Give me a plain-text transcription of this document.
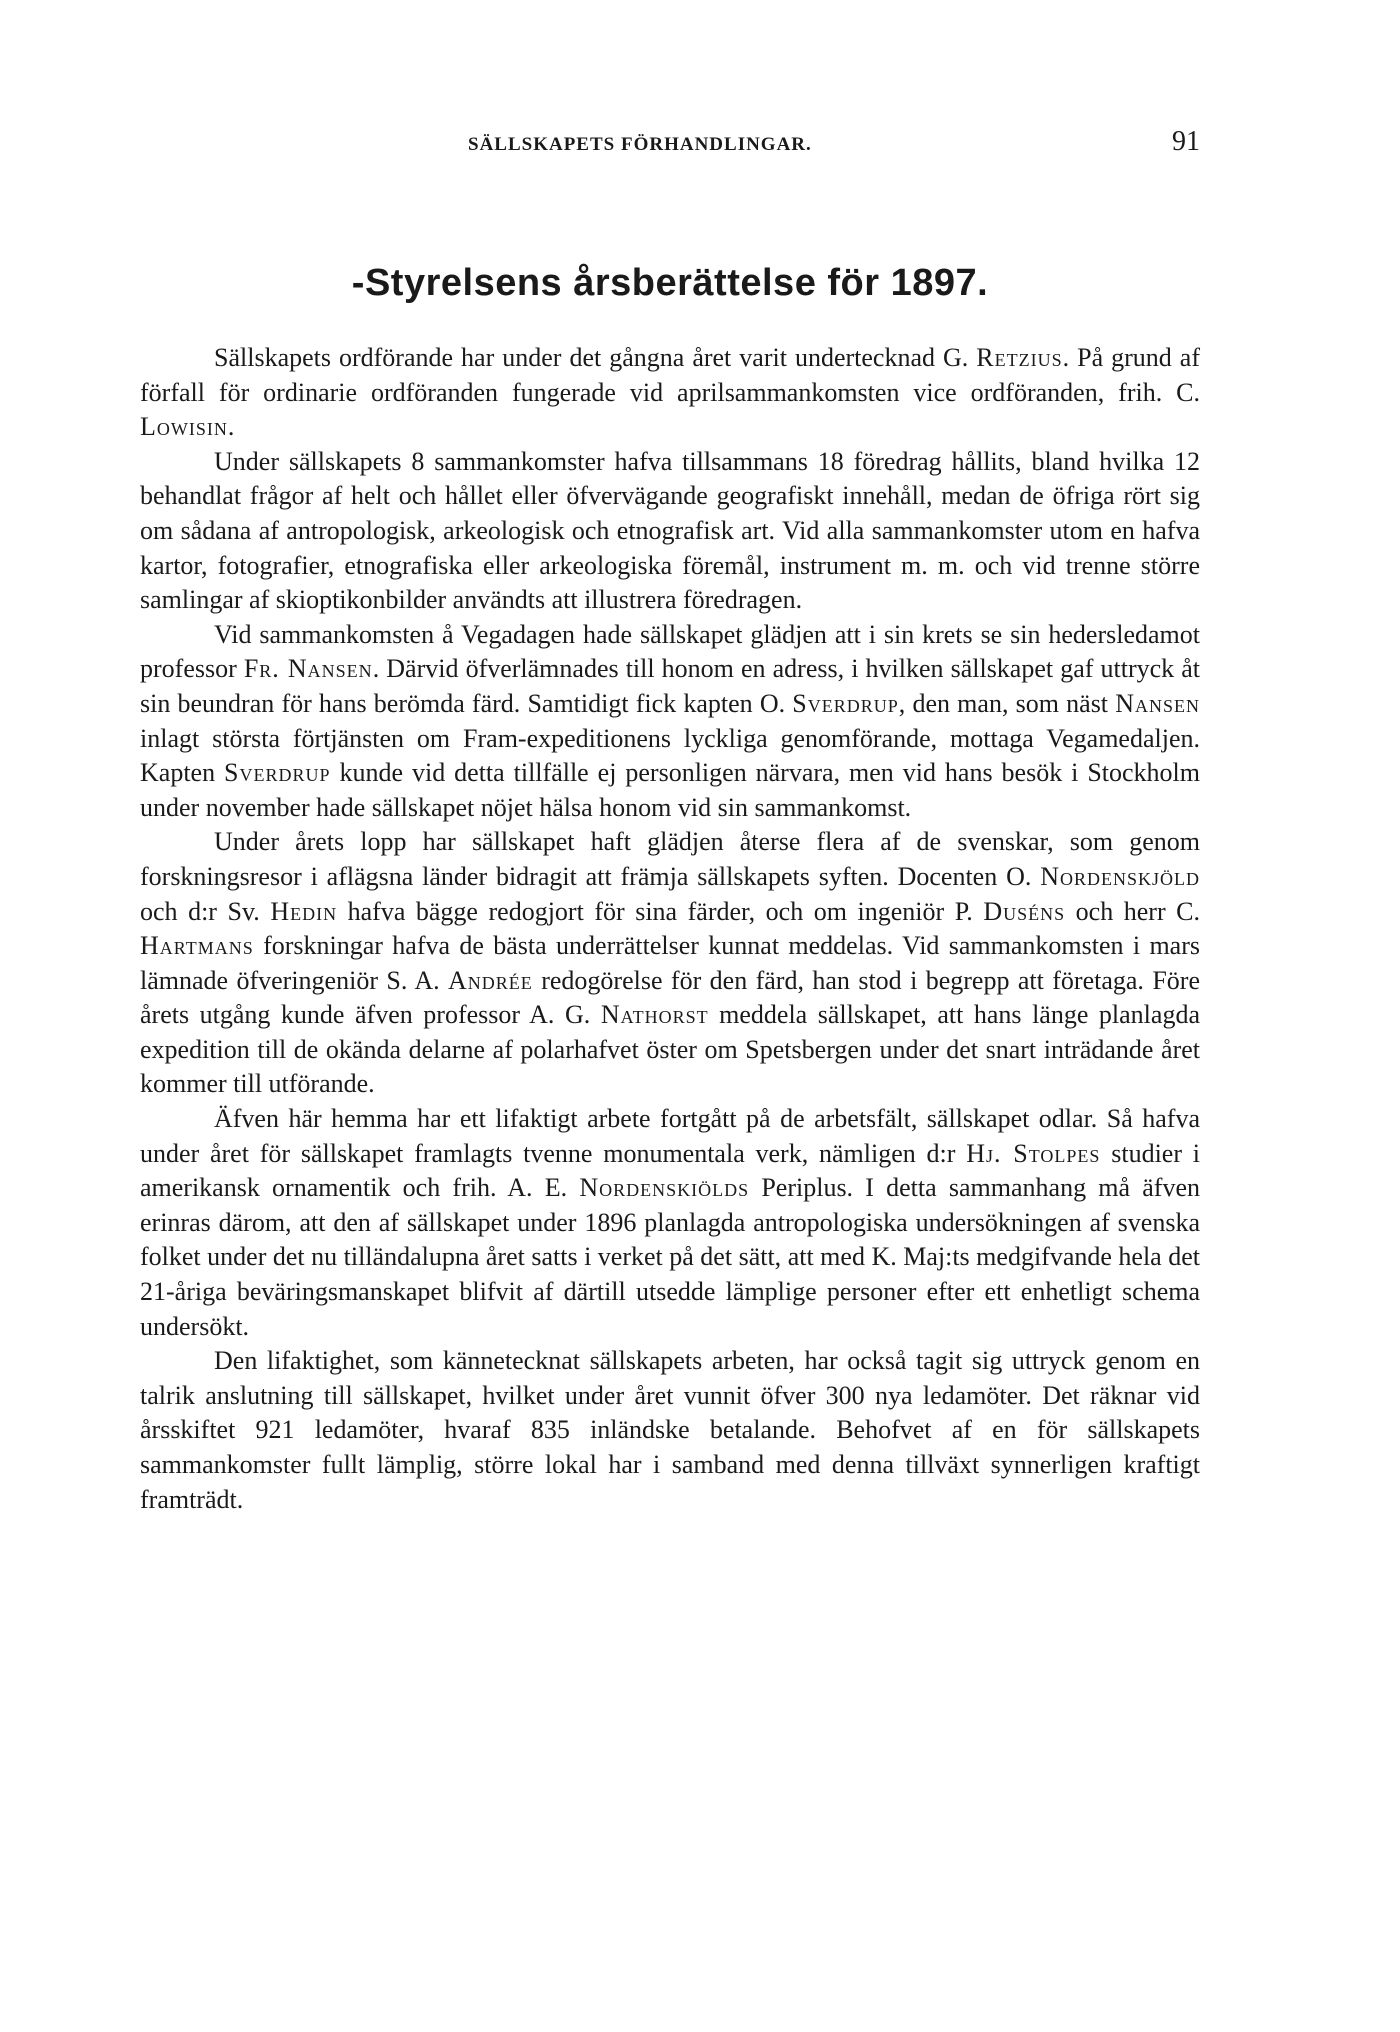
SÄLLSKAPETS FÖRHANDLINGAR.	91
-Styrelsens årsberättelse för 1897.

Sällskapets ordförande har under det gångna året varit undertecknad G. Retzius. På grund af förfall för ordinarie ordföranden fungerade vid aprilsammankomsten vice ordföranden, frih. C. Lowisin.

Under sällskapets 8 sammankomster hafva tillsammans 18 föredrag hållits, bland hvilka 12 behandlat frågor af helt och hållet eller öfvervägande geografiskt innehåll, medan de öfriga rört sig om sådana af antropologisk, arkeologisk och etnografisk art. Vid alla sammankomster utom en hafva kartor, fotografier, etnografiska eller arkeologiska föremål, instrument m. m. och vid trenne större samlingar af skioptikonbilder användts att illustrera föredragen.

Vid sammankomsten å Vegadagen hade sällskapet glädjen att i sin krets se sin hedersledamot professor Fr. Nansen. Därvid öfverlämnades till honom en adress, i hvilken sällskapet gaf uttryck åt sin beundran för hans berömda färd. Samtidigt fick kapten O. Sverdrup, den man, som näst Nansen inlagt största förtjänsten om Fram-expeditionens lyckliga genomförande, mottaga Vegamedaljen. Kapten Sverdrup kunde vid detta tillfälle ej personligen närvara, men vid hans besök i Stockholm under november hade sällskapet nöjet hälsa honom vid sin sammankomst.

Under årets lopp har sällskapet haft glädjen återse flera af de svenskar, som genom forskningsresor i aflägsna länder bidragit att främja sällskapets syften. Docenten O. Nordenskjöld och d:r Sv. Hedin hafva bägge redogjort för sina färder, och om ingeniör P. Duséns och herr C. Hartmans forskningar hafva de bästa underrättelser kunnat meddelas. Vid sammankomsten i mars lämnade öfveringeniör S. A. Andrée redogörelse för den färd, han stod i begrepp att företaga. Före årets utgång kunde äfven professor A. G. Nathorst meddela sällskapet, att hans länge planlagda expedition till de okända delarne af polarhafvet öster om Spetsbergen under det snart inträdande året kommer till utförande.

Äfven här hemma har ett lifaktigt arbete fortgått på de arbetsfält, sällskapet odlar. Så hafva under året för sällskapet framlagts tvenne monumentala verk, nämligen d:r Hj. Stolpes studier i amerikansk ornamentik och frih. A. E. Nordenskiölds Periplus. I detta sammanhang må äfven erinras därom, att den af sällskapet under 1896 planlagda antropologiska undersökningen af svenska folket under det nu tilländalupna året satts i verket på det sätt, att med K. Maj:ts medgifvande hela det 21-åriga beväringsmanskapet blifvit af därtill utsedde lämplige personer efter ett enhetligt schema undersökt.

Den lifaktighet, som kännetecknat sällskapets arbeten, har också tagit sig uttryck genom en talrik anslutning till sällskapet, hvilket under året vunnit öfver 300 nya ledamöter. Det räknar vid årsskiftet 921 ledamöter, hvaraf 835 inländske betalande. Behofvet af en för sällskapets sammankomster fullt lämplig, större lokal har i samband med denna tillväxt synnerligen kraftigt framträdt.
